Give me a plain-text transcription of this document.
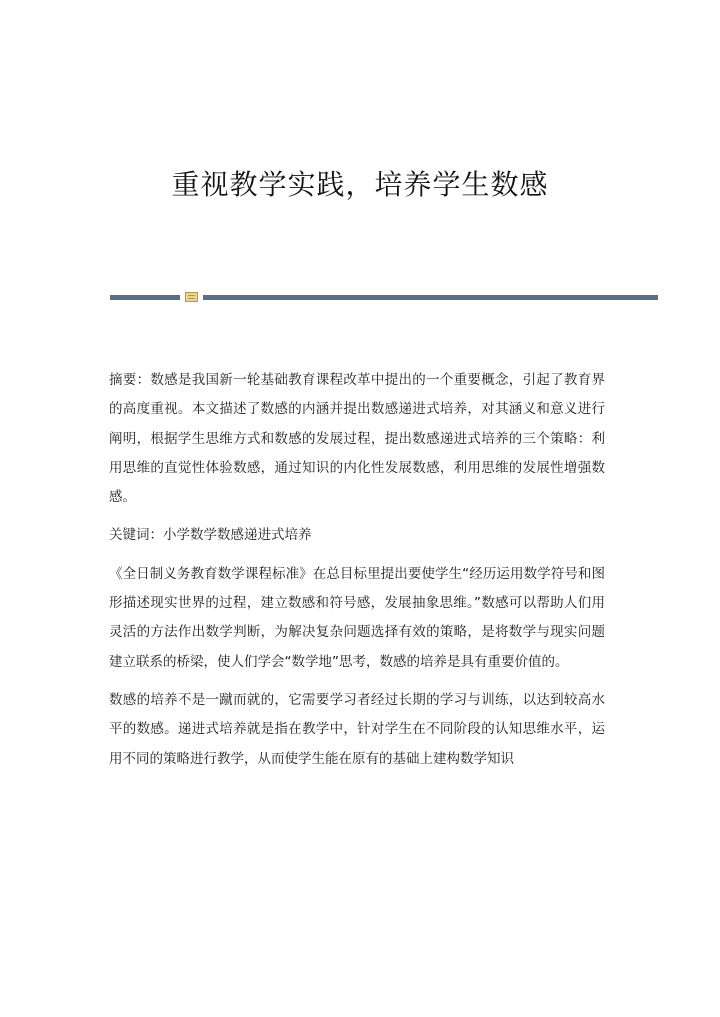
重视教学实践，培养学生数感

摘要：数感是我国新一轮基础教育课程改革中提出的一个重要概念，引起了教育界的高度重视。本文描述了数感的内涵并提出数感递进式培养，对其涵义和意义进行阐明，根据学生思维方式和数感的发展过程，提出数感递进式培养的三个策略：利用思维的直觉性体验数感，通过知识的内化性发展数感，利用思维的发展性增强数感。

关键词：小学数学数感递进式培养

《全日制义务教育数学课程标准》在总目标里提出要使学生“经历运用数学符号和图形描述现实世界的过程，建立数感和符号感，发展抽象思维。”数感可以帮助人们用灵活的方法作出数学判断，为解决复杂问题选择有效的策略，是将数学与现实问题建立联系的桥梁，使人们学会“数学地”思考，数感的培养是具有重要价值的。

数感的培养不是一蹴而就的，它需要学习者经过长期的学习与训练，以达到较高水平的数感。递进式培养就是指在教学中，针对学生在不同阶段的认知思维水平，运用不同的策略进行教学，从而使学生能在原有的基础上建构数学知识
